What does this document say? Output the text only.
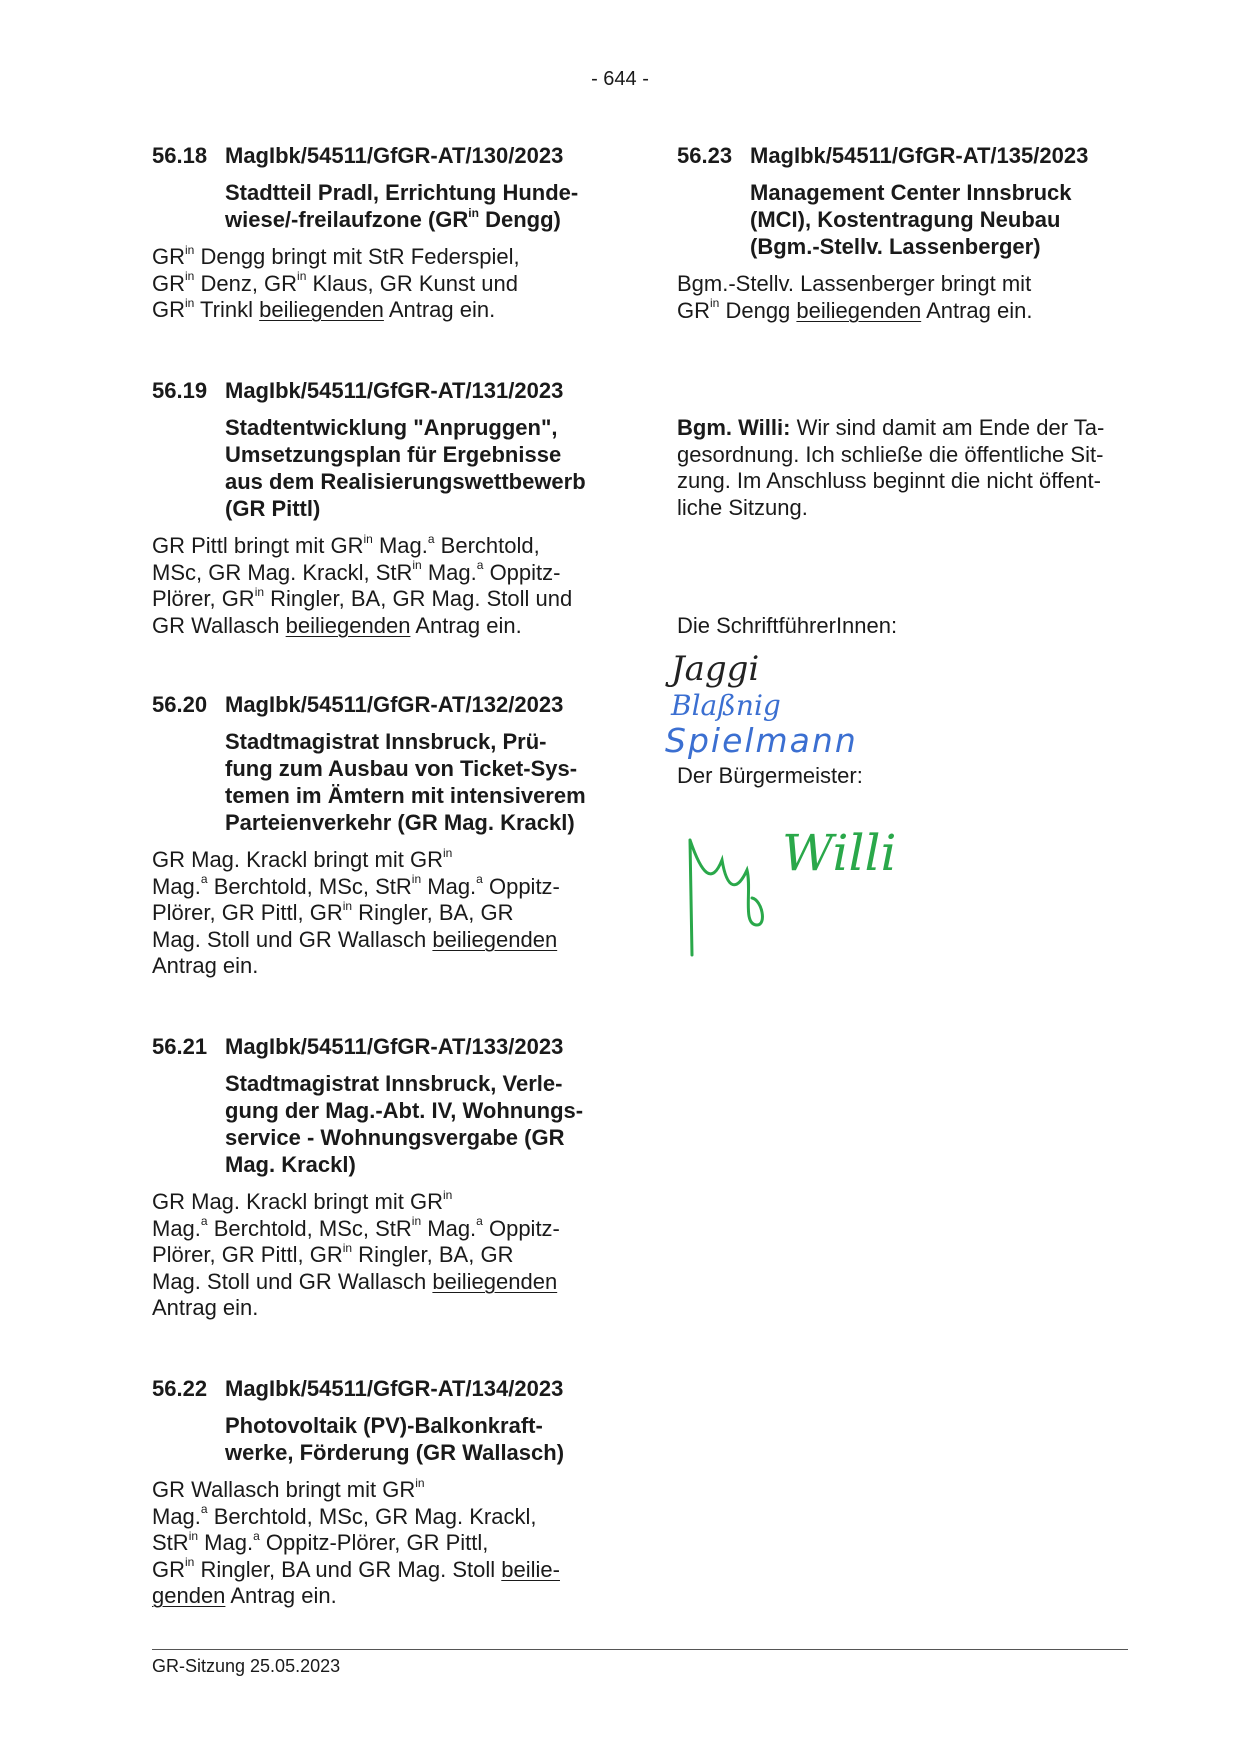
- 644 -
56.18 MagIbk/54511/GfGR-AT/130/2023
Stadtteil Pradl, Errichtung Hunde-
wiese/-freilaufzone ($GR^{in}$ Dengg)
$GR^{in}$ Dengg bringt mit StR Federspiel,
$GR^{in}$ Denz, $GR^{in}$ Klaus, GR Kunst und
$GR^{in}$ Trinkl beiliegenden Antrag ein.
56.19 MagIbk/54511/GfGR-AT/131/2023
Stadtentwicklung "Anpruggen",
Umsetzungsplan für Ergebnisse
aus dem Realisierungswettbewerb
(GR Pittl)
GR Pittl bringt mit $GR^{in}$ Mag.$^a$ Berchtold,
MSc, GR Mag. Krackl, StR$^{in}$ Mag.$^a$ Oppitz-
Plörer, $GR^{in}$ Ringler, BA, GR Mag. Stoll und
GR Wallasch beiliegenden Antrag ein.
56.20 MagIbk/54511/GfGR-AT/132/2023
Stadtmagistrat Innsbruck, Prü-
fung zum Ausbau von Ticket-Sys-
temen im Ämtern mit intensiverem
Parteienverkehr (GR Mag. Krackl)
GR Mag. Krackl bringt mit $GR^{in}$
Mag.$^a$ Berchtold, MSc, StR$^{in}$ Mag.$^a$ Oppitz-
Plörer, GR Pittl, $GR^{in}$ Ringler, BA, GR
Mag. Stoll und GR Wallasch beiliegenden
Antrag ein.
56.21 MagIbk/54511/GfGR-AT/133/2023
Stadtmagistrat Innsbruck, Verle-
gung der Mag.-Abt. IV, Wohnungs-
service - Wohnungsvergabe (GR
Mag. Krackl)
GR Mag. Krackl bringt mit $GR^{in}$
Mag.$^a$ Berchtold, MSc, StR$^{in}$ Mag.$^a$ Oppitz-
Plörer, GR Pittl, $GR^{in}$ Ringler, BA, GR
Mag. Stoll und GR Wallasch beiliegenden
Antrag ein.
56.22 MagIbk/54511/GfGR-AT/134/2023
Photovoltaik (PV)-Balkonkraft-
werke, Förderung (GR Wallasch)
GR Wallasch bringt mit $GR^{in}$
Mag.$^a$ Berchtold, MSc, GR Mag. Krackl,
StR$^{in}$ Mag.$^a$ Oppitz-Plörer, GR Pittl,
$GR^{in}$ Ringler, BA und GR Mag. Stoll beilie-
genden Antrag ein.
56.23 MagIbk/54511/GfGR-AT/135/2023
Management Center Innsbruck
(MCI), Kostentragung Neubau
(Bgm.-Stellv. Lassenberger)
Bgm.-Stellv. Lassenberger bringt mit
$GR^{in}$ Dengg beiliegenden Antrag ein.
Bgm. Willi: Wir sind damit am Ende der Ta-
gesordnung. Ich schließe die öffentliche Sit-
zung. Im Anschluss beginnt die nicht öffent-
liche Sitzung.
Die SchriftführerInnen:
Jaggi
Blaßnig
Spielmann
Der Bürgermeister:
Willi
GR-Sitzung 25.05.2023
